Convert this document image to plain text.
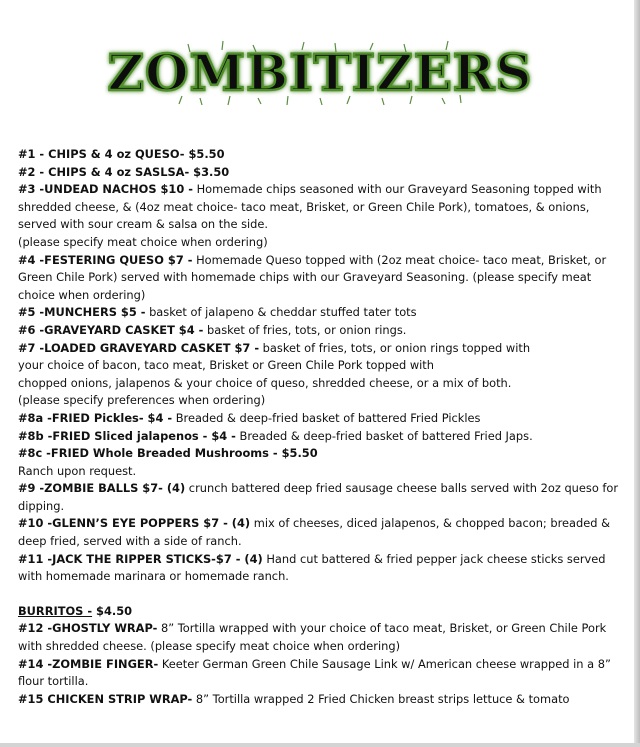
ZOMBITIZERS
#1 - CHIPS & 4 oz QUESO- $5.50
#2 - CHIPS & 4 oz SASLSA- $3.50
#3 -UNDEAD NACHOS $10 - Homemade chips seasoned with our Graveyard Seasoning topped with shredded cheese, & (4oz meat choice- taco meat, Brisket, or Green Chile Pork), tomatoes, & onions, served with sour cream & salsa on the side.
(please specify meat choice when ordering)
#4 -FESTERING QUESO $7 - Homemade Queso topped with (2oz meat choice- taco meat, Brisket, or Green Chile Pork) served with homemade chips with our Graveyard Seasoning. (please specify meat choice when ordering)
#5 -MUNCHERS $5 - basket of jalapeno & cheddar stuffed tater tots
#6 -GRAVEYARD CASKET $4 - basket of fries, tots, or onion rings.
#7 -LOADED GRAVEYARD CASKET $7 - basket of fries, tots, or onion rings topped with
your choice of bacon, taco meat, Brisket or Green Chile Pork topped with
chopped onions, jalapenos & your choice of queso, shredded cheese, or a mix of both.
(please specify preferences when ordering)
#8a -FRIED Pickles- $4 - Breaded & deep-fried basket of battered Fried Pickles
#8b -FRIED Sliced jalapenos - $4 - Breaded & deep-fried basket of battered Fried Japs.
#8c -FRIED Whole Breaded Mushrooms - $5.50
Ranch upon request.
#9 -ZOMBIE BALLS $7- (4) crunch battered deep fried sausage cheese balls served with 2oz queso for dipping.
#10 -GLENN’S EYE POPPERS $7 - (4) mix of cheeses, diced jalapenos, & chopped bacon; breaded & deep fried, served with a side of ranch.
#11 -JACK THE RIPPER STICKS-$7 - (4) Hand cut battered & fried pepper jack cheese sticks served with homemade marinara or homemade ranch.
BURRITOS - $4.50
#12 -GHOSTLY WRAP- 8” Tortilla wrapped with your choice of taco meat, Brisket, or Green Chile Pork with shredded cheese. (please specify meat choice when ordering)
#14 -ZOMBIE FINGER- Keeter German Green Chile Sausage Link w/ American cheese wrapped in a 8” flour tortilla.
#15 CHICKEN STRIP WRAP- 8” Tortilla wrapped 2 Fried Chicken breast strips lettuce & tomato
